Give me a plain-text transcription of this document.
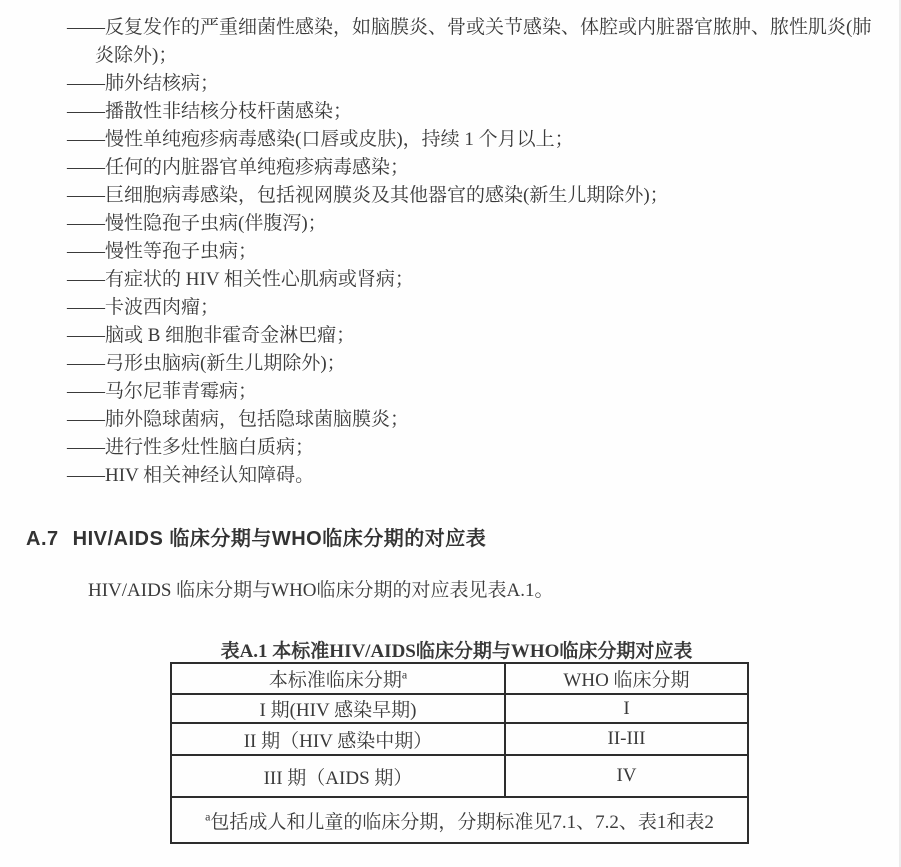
——反复发作的严重细菌性感染，如脑膜炎、骨或关节感染、体腔或内脏器官脓肿、脓性肌炎(肺炎除外)；
——肺外结核病；
——播散性非结核分枝杆菌感染；
——慢性单纯疱疹病毒感染(口唇或皮肤)，持续 1 个月以上；
——任何的内脏器官单纯疱疹病毒感染；
——巨细胞病毒感染，包括视网膜炎及其他器官的感染(新生儿期除外)；
——慢性隐孢子虫病(伴腹泻)；
——慢性等孢子虫病；
——有症状的 HIV 相关性心肌病或肾病；
——卡波西肉瘤；
——脑或 B 细胞非霍奇金淋巴瘤；
——弓形虫脑病(新生儿期除外)；
——马尔尼菲青霉病；
——肺外隐球菌病，包括隐球菌脑膜炎；
——进行性多灶性脑白质病；
——HIV 相关神经认知障碍。
A.7 HIV/AIDS 临床分期与WHO临床分期的对应表

HIV/AIDS 临床分期与WHO临床分期的对应表见表A.1。

表A.1 本标准HIV/AIDS临床分期与WHO临床分期对应表
本标准临床分期$^a$	WHO 临床分期
I 期(HIV 感染早期)	I
II 期（HIV 感染中期）	II-III
III 期（AIDS 期）	IV
$^a$包括成人和儿童的临床分期，分期标准见7.1、7.2、表1和表2	
